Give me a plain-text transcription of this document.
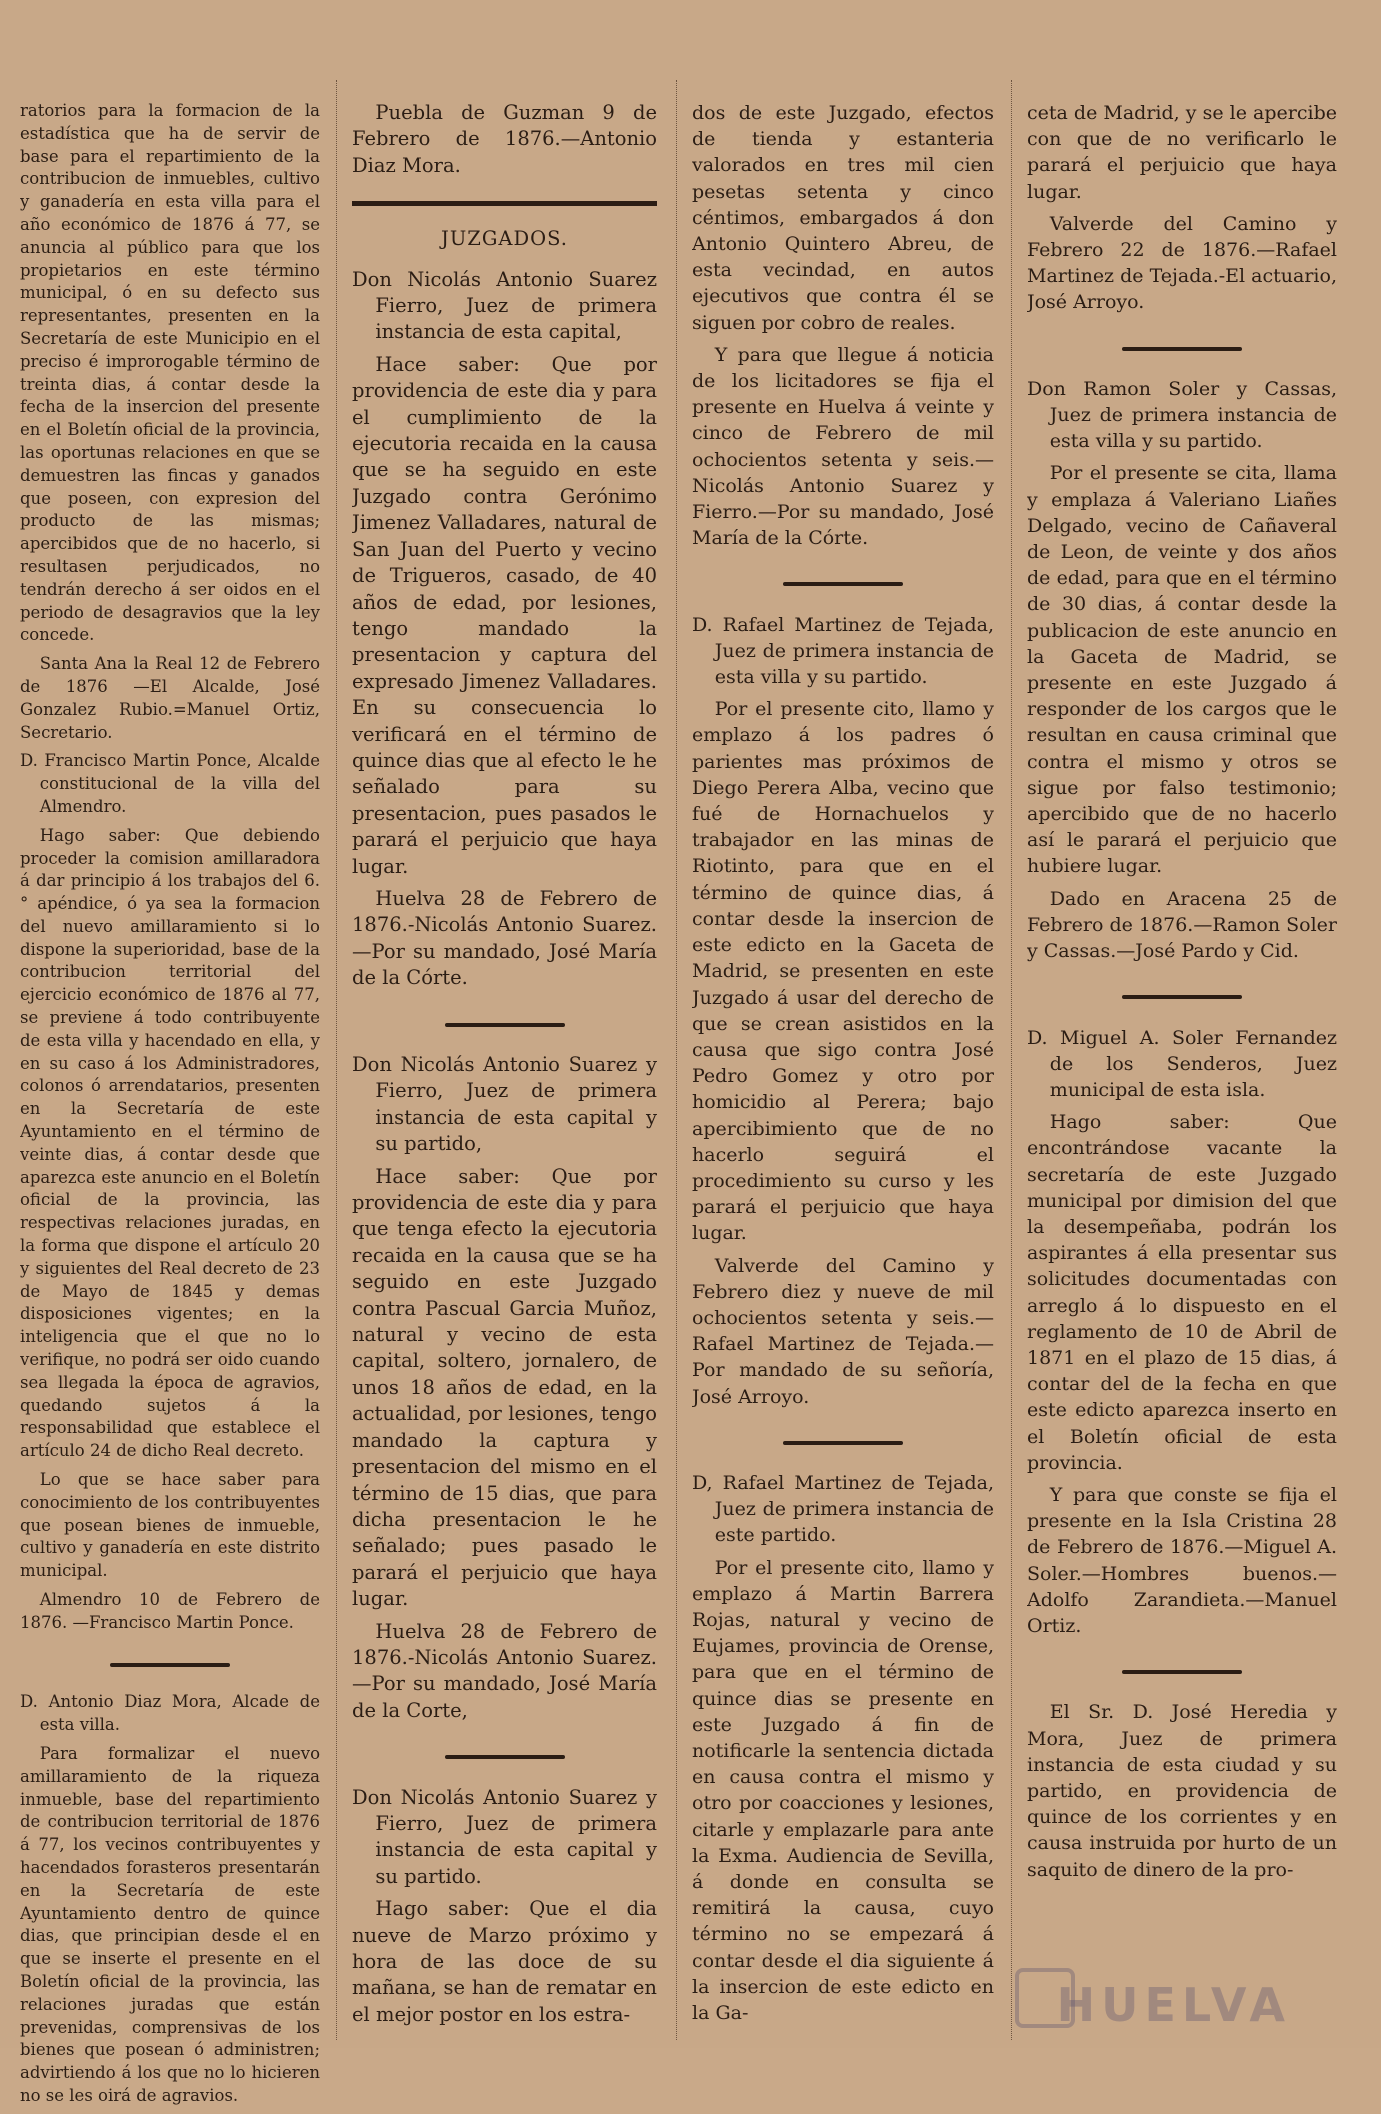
ratorios para la formacion de la estadística que ha de servir de base para el repartimiento de la contribucion de inmuebles, cultivo y ganadería en esta villa para el año económico de 1876 á 77, se anuncia al público para que los propietarios en este término municipal, ó en su defecto sus representantes, presenten en la Secretaría de este Municipio en el preciso é improrogable término de treinta dias, á contar desde la fecha de la insercion del presente en el Boletín oficial de la provincia, las oportunas relaciones en que se demuestren las fincas y ganados que poseen, con expresion del producto de las mismas; apercibidos que de no hacerlo, si resultasen perjudicados, no tendrán derecho á ser oidos en el periodo de desagravios que la ley concede.

Santa Ana la Real 12 de Febrero de 1876 —El Alcalde, José Gonzalez Rubio.=Manuel Ortiz, Secretario.

D. Francisco Martin Ponce, Alcalde constitucional de la villa del Almendro.

Hago saber: Que debiendo proceder la comision amillaradora á dar principio á los trabajos del 6.° apéndice, ó ya sea la formacion del nuevo amillaramiento si lo dispone la superioridad, base de la contribucion territorial del ejercicio económico de 1876 al 77, se previene á todo contribuyente de esta villa y hacendado en ella, y en su caso á los Administradores, colonos ó arrendatarios, presenten en la Secretaría de este Ayuntamiento en el término de veinte dias, á contar desde que aparezca este anuncio en el Boletín oficial de la provincia, las respectivas relaciones juradas, en la forma que dispone el artículo 20 y siguientes del Real decreto de 23 de Mayo de 1845 y demas disposiciones vigentes; en la inteligencia que el que no lo verifique, no podrá ser oido cuando sea llegada la época de agravios, quedando sujetos á la responsabilidad que establece el artículo 24 de dicho Real decreto.

Lo que se hace saber para conocimiento de los contribuyentes que posean bienes de inmueble, cultivo y ganadería en este distrito municipal.

Almendro 10 de Febrero de 1876. —Francisco Martin Ponce.

D. Antonio Diaz Mora, Alcade de esta villa.

Para formalizar el nuevo amillaramiento de la riqueza inmueble, base del repartimiento de contribucion territorial de 1876 á 77, los vecinos contribuyentes y hacendados forasteros presentarán en la Secretaría de este Ayuntamiento dentro de quince dias, que principian desde el en que se inserte el presente en el Boletín oficial de la provincia, las relaciones juradas que están prevenidas, comprensivas de los bienes que posean ó administren; advirtiendo á los que no lo hicieren no se les oirá de agravios.

Puebla de Guzman 9 de Febrero de 1876.—Antonio Diaz Mora.

JUZGADOS.

Don Nicolás Antonio Suarez Fierro, Juez de primera instancia de esta capital,

Hace saber: Que por providencia de este dia y para el cumplimiento de la ejecutoria recaida en la causa que se ha seguido en este Juzgado contra Gerónimo Jimenez Valladares, natural de San Juan del Puerto y vecino de Trigueros, casado, de 40 años de edad, por lesiones, tengo mandado la presentacion y captura del expresado Jimenez Valladares. En su consecuencia lo verificará en el término de quince dias que al efecto le he señalado para su presentacion, pues pasados le parará el perjuicio que haya lugar.

Huelva 28 de Febrero de 1876.-Nicolás Antonio Suarez.—Por su mandado, José María de la Córte.

Don Nicolás Antonio Suarez y Fierro, Juez de primera instancia de esta capital y su partido,

Hace saber: Que por providencia de este dia y para que tenga efecto la ejecutoria recaida en la causa que se ha seguido en este Juzgado contra Pascual Garcia Muñoz, natural y vecino de esta capital, soltero, jornalero, de unos 18 años de edad, en la actualidad, por lesiones, tengo mandado la captura y presentacion del mismo en el término de 15 dias, que para dicha presentacion le he señalado; pues pasado le parará el perjuicio que haya lugar.

Huelva 28 de Febrero de 1876.-Nicolás Antonio Suarez.—Por su mandado, José María de la Corte,

Don Nicolás Antonio Suarez y Fierro, Juez de primera instancia de esta capital y su partido.

Hago saber: Que el dia nueve de Marzo próximo y hora de las doce de su mañana, se han de rematar en el mejor postor en los estra-

dos de este Juzgado, efectos de tienda y estanteria valorados en tres mil cien pesetas setenta y cinco céntimos, embargados á don Antonio Quintero Abreu, de esta vecindad, en autos ejecutivos que contra él se siguen por cobro de reales.

Y para que llegue á noticia de los licitadores se fija el presente en Huelva á veinte y cinco de Febrero de mil ochocientos setenta y seis.—Nicolás Antonio Suarez y Fierro.—Por su mandado, José María de la Córte.

D. Rafael Martinez de Tejada, Juez de primera instancia de esta villa y su partido.

Por el presente cito, llamo y emplazo á los padres ó parientes mas próximos de Diego Perera Alba, vecino que fué de Hornachuelos y trabajador en las minas de Riotinto, para que en el término de quince dias, á contar desde la insercion de este edicto en la Gaceta de Madrid, se presenten en este Juzgado á usar del derecho de que se crean asistidos en la causa que sigo contra José Pedro Gomez y otro por homicidio al Perera; bajo apercibimiento que de no hacerlo seguirá el procedimiento su curso y les parará el perjuicio que haya lugar.

Valverde del Camino y Febrero diez y nueve de mil ochocientos setenta y seis.—Rafael Martinez de Tejada.—Por mandado de su señoría, José Arroyo.

D, Rafael Martinez de Tejada, Juez de primera instancia de este partido.

Por el presente cito, llamo y emplazo á Martin Barrera Rojas, natural y vecino de Eujames, provincia de Orense, para que en el término de quince dias se presente en este Juzgado á fin de notificarle la sentencia dictada en causa contra el mismo y otro por coacciones y lesiones, citarle y emplazarle para ante la Exma. Audiencia de Sevilla, á donde en consulta se remitirá la causa, cuyo término no se empezará á contar desde el dia siguiente á la insercion de este edicto en la Ga-

ceta de Madrid, y se le apercibe con que de no verificarlo le parará el perjuicio que haya lugar.

Valverde del Camino y Febrero 22 de 1876.—Rafael Martinez de Tejada.-El actuario, José Arroyo.

Don Ramon Soler y Cassas, Juez de primera instancia de esta villa y su partido.

Por el presente se cita, llama y emplaza á Valeriano Liañes Delgado, vecino de Cañaveral de Leon, de veinte y dos años de edad, para que en el término de 30 dias, á contar desde la publicacion de este anuncio en la Gaceta de Madrid, se presente en este Juzgado á responder de los cargos que le resultan en causa criminal que contra el mismo y otros se sigue por falso testimonio; apercibido que de no hacerlo así le parará el perjuicio que hubiere lugar.

Dado en Aracena 25 de Febrero de 1876.—Ramon Soler y Cassas.—José Pardo y Cid.

D. Miguel A. Soler Fernandez de los Senderos, Juez municipal de esta isla.

Hago saber: Que encontrándose vacante la secretaría de este Juzgado municipal por dimision del que la desempeñaba, podrán los aspirantes á ella presentar sus solicitudes documentadas con arreglo á lo dispuesto en el reglamento de 10 de Abril de 1871 en el plazo de 15 dias, á contar del de la fecha en que este edicto aparezca inserto en el Boletín oficial de esta provincia.

Y para que conste se fija el presente en la Isla Cristina 28 de Febrero de 1876.—Miguel A. Soler.—Hombres buenos.—Adolfo Zarandieta.—Manuel Ortiz.

El Sr. D. José Heredia y Mora, Juez de primera instancia de esta ciudad y su partido, en providencia de quince de los corrientes y en causa instruida por hurto de un saquito de dinero de la pro-

HUELVA
